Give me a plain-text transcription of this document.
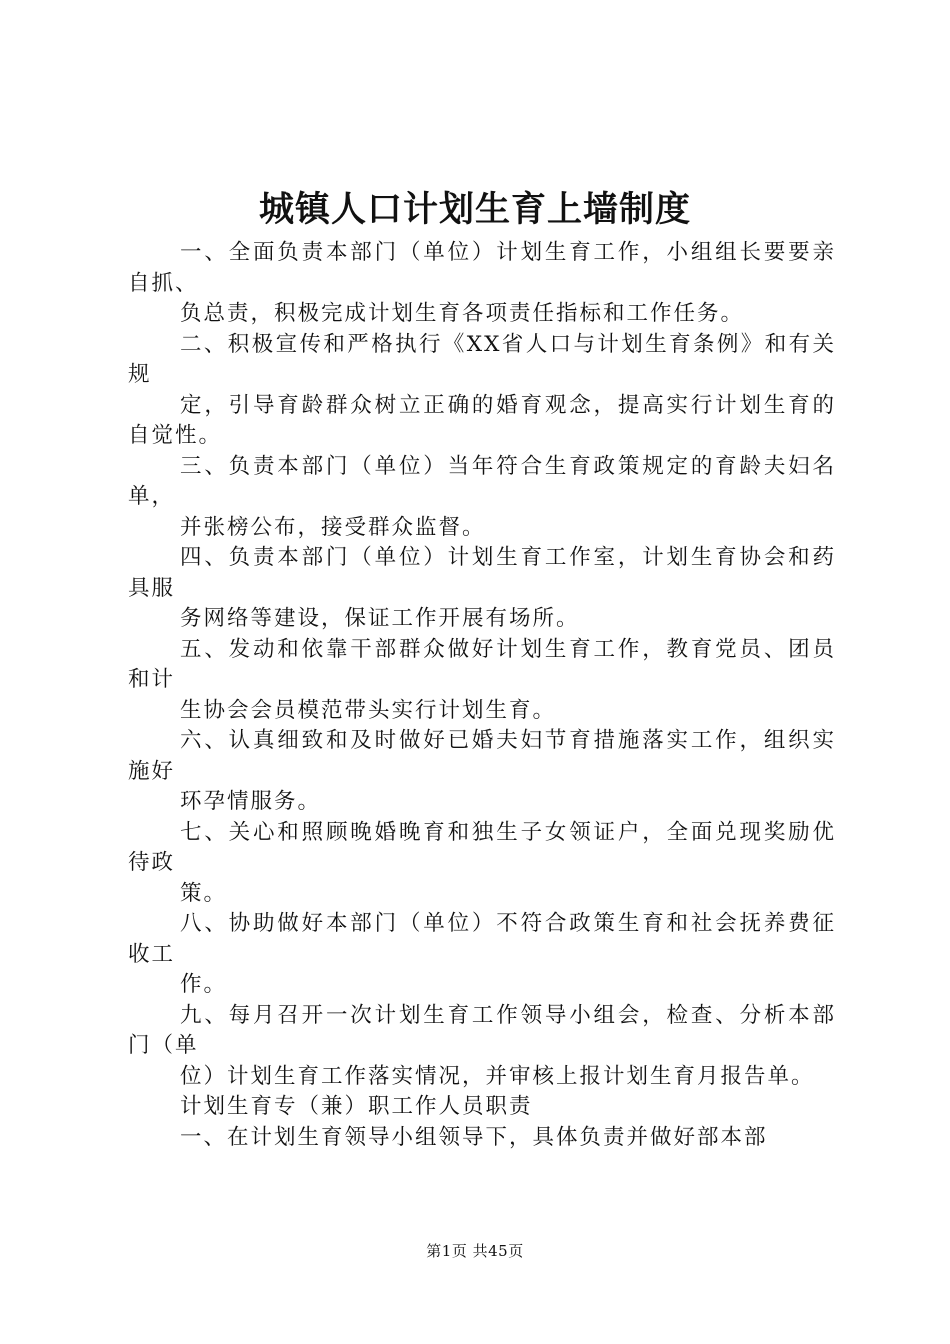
城镇人口计划生育上墙制度

一、全面负责本部门（单位）计划生育工作，小组组长要要亲自抓、

负总责，积极完成计划生育各项责任指标和工作任务。

二、积极宣传和严格执行《XX省人口与计划生育条例》和有关规

定，引导育龄群众树立正确的婚育观念，提高实行计划生育的自觉性。

三、负责本部门（单位）当年符合生育政策规定的育龄夫妇名单，

并张榜公布，接受群众监督。

四、负责本部门（单位）计划生育工作室，计划生育协会和药具服

务网络等建设，保证工作开展有场所。

五、发动和依靠干部群众做好计划生育工作，教育党员、团员和计

生协会会员模范带头实行计划生育。

六、认真细致和及时做好已婚夫妇节育措施落实工作，组织实施好

环孕情服务。

七、关心和照顾晚婚晚育和独生子女领证户，全面兑现奖励优待政

策。

八、协助做好本部门（单位）不符合政策生育和社会抚养费征收工

作。

九、每月召开一次计划生育工作领导小组会，检查、分析本部门（单

位）计划生育工作落实情况，并审核上报计划生育月报告单。

计划生育专（兼）职工作人员职责

一、在计划生育领导小组领导下，具体负责并做好部本部

第1页 共45页
